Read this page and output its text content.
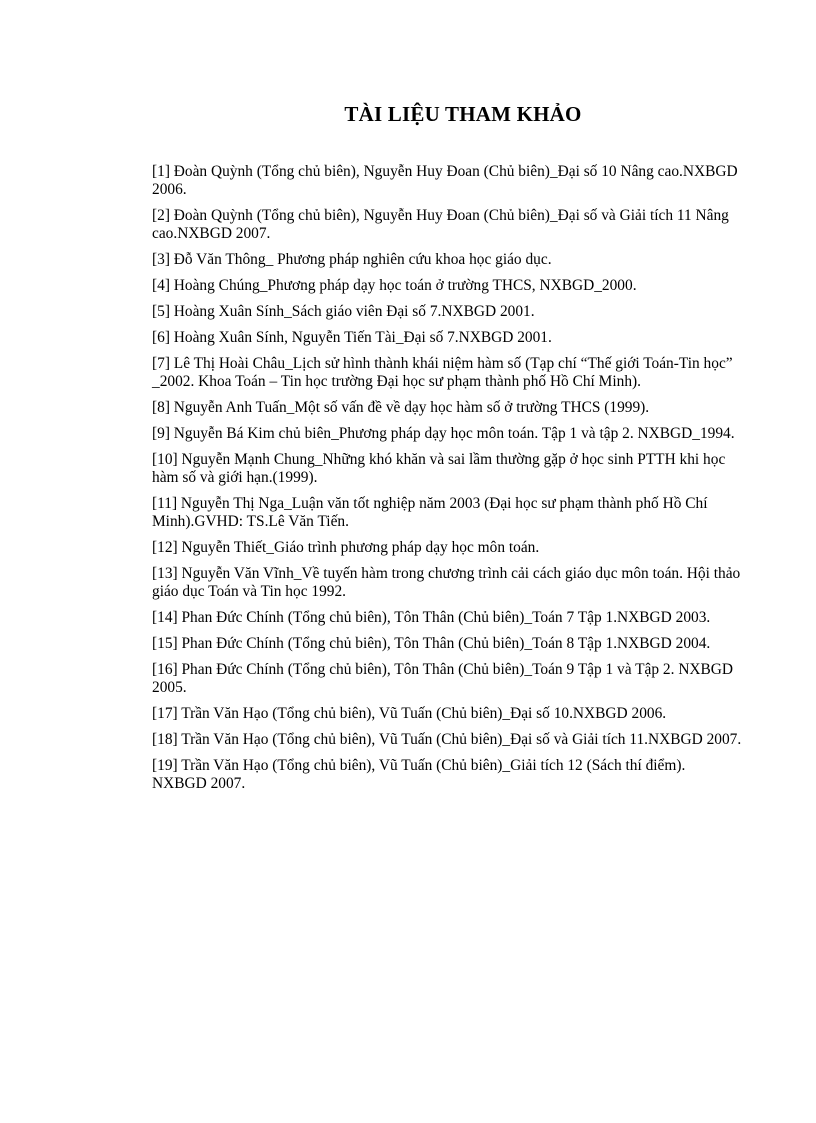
TÀI LIỆU THAM KHẢO
[1] Đoàn Quỳnh (Tổng chủ biên), Nguyễn Huy Đoan (Chủ biên)_Đại số 10 Nâng cao.NXBGD 2006.
[2] Đoàn Quỳnh (Tổng chủ biên), Nguyễn Huy Đoan (Chủ biên)_Đại số và Giải tích 11 Nâng cao.NXBGD 2007.
[3] Đỗ Văn Thông_ Phương pháp nghiên cứu khoa học giáo dục.
[4] Hoàng Chúng_Phương pháp dạy học toán ở trường THCS, NXBGD_2000.
[5] Hoàng Xuân Sính_Sách giáo viên Đại số 7.NXBGD 2001.
[6] Hoàng Xuân Sính, Nguyễn Tiến Tài_Đại số 7.NXBGD 2001.
[7] Lê Thị Hoài Châu_Lịch sử hình thành khái niệm hàm số (Tạp chí “Thế giới Toán-Tin học” _2002. Khoa Toán – Tin học trường Đại học sư phạm thành phố Hồ Chí Minh).
[8] Nguyễn Anh Tuấn_Một số vấn đề về dạy học hàm số ở trường THCS (1999).
[9] Nguyễn Bá Kim chủ biên_Phương pháp dạy học môn toán. Tập 1 và tập 2. NXBGD_1994.
[10] Nguyễn Mạnh Chung_Những khó khăn và sai lầm thường gặp ở học sinh PTTH khi học hàm số và giới hạn.(1999).
[11] Nguyễn Thị Nga_Luận văn tốt nghiệp năm 2003 (Đại học sư phạm thành phố Hồ Chí Minh).GVHD: TS.Lê Văn Tiến.
[12] Nguyễn Thiết_Giáo trình phương pháp dạy học môn toán.
[13] Nguyễn Văn Vĩnh_Về tuyến hàm trong chương trình cải cách giáo dục môn toán. Hội thảo giáo dục Toán và Tin học 1992.
[14] Phan Đức Chính (Tổng chủ biên), Tôn Thân (Chủ biên)_Toán 7 Tập 1.NXBGD 2003.
[15] Phan Đức Chính (Tổng chủ biên), Tôn Thân (Chủ biên)_Toán 8 Tập 1.NXBGD 2004.
[16] Phan Đức Chính (Tổng chủ biên), Tôn Thân (Chủ biên)_Toán 9 Tập 1 và Tập 2. NXBGD 2005.
[17] Trần Văn Hạo (Tổng chủ biên), Vũ Tuấn (Chủ biên)_Đại số 10.NXBGD 2006.
[18] Trần Văn Hạo (Tổng chủ biên), Vũ Tuấn (Chủ biên)_Đại số và Giải tích 11.NXBGD 2007.
[19] Trần Văn Hạo (Tổng chủ biên), Vũ Tuấn (Chủ biên)_Giải tích 12 (Sách thí điểm). NXBGD 2007.
